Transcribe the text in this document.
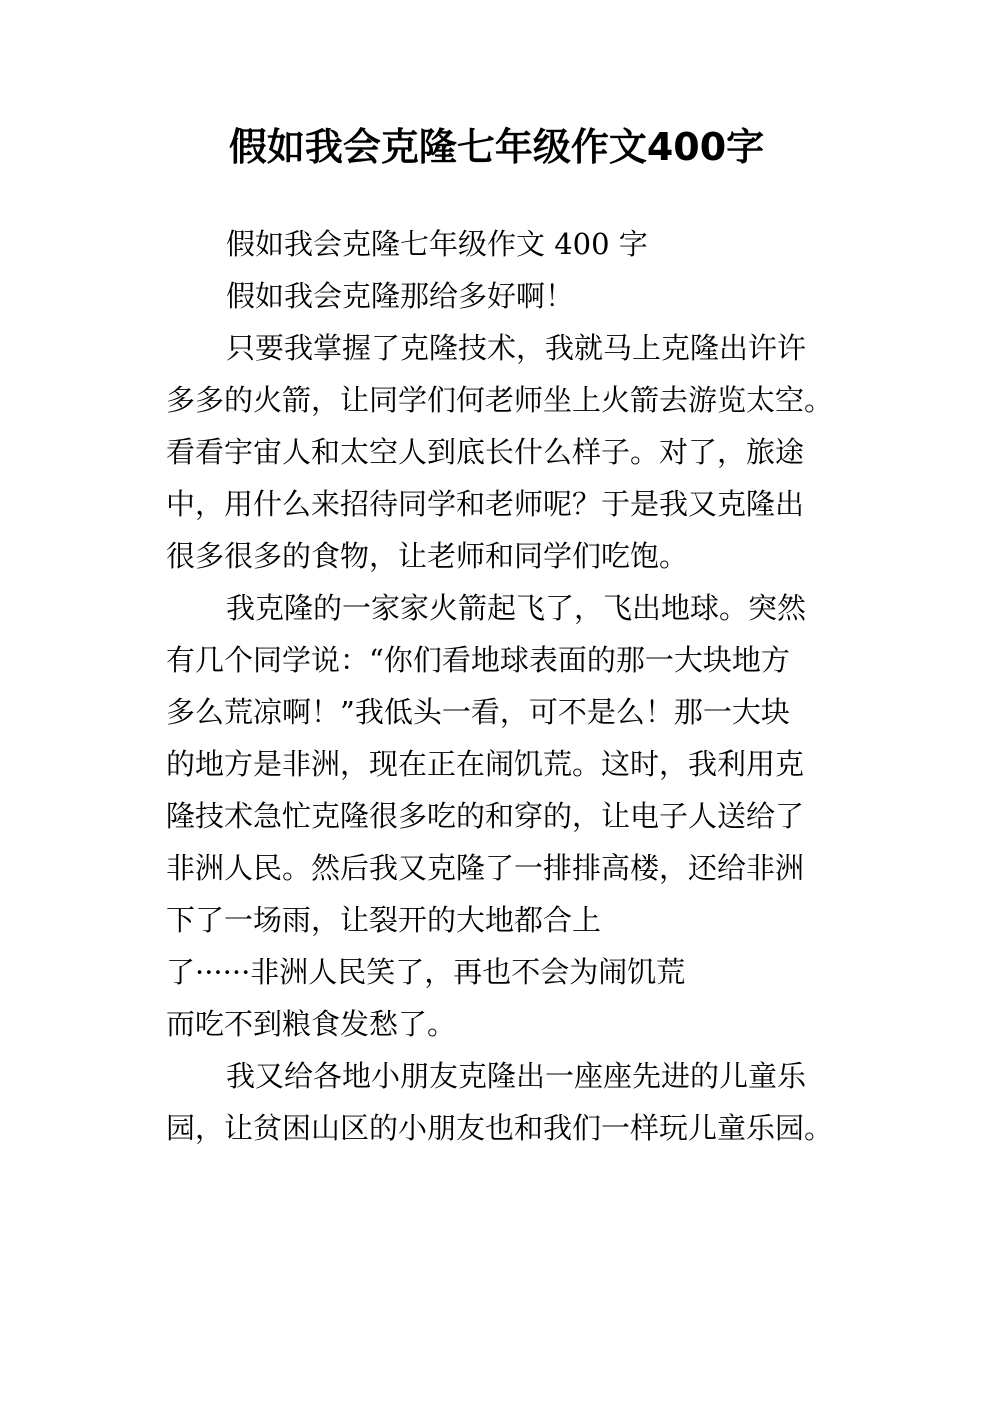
假如我会克隆七年级作文400字
假如我会克隆七年级作文 400 字
假如我会克隆那给多好啊！
只要我掌握了克隆技术，我就马上克隆出许许
多多的火箭，让同学们何老师坐上火箭去游览太空。
看看宇宙人和太空人到底长什么样子。对了，旅途
中，用什么来招待同学和老师呢？于是我又克隆出
很多很多的食物，让老师和同学们吃饱。
我克隆的一家家火箭起飞了，飞出地球。突然
有几个同学说：“你们看地球表面的那一大块地方
多么荒凉啊！”我低头一看，可不是么！那一大块
的地方是非洲，现在正在闹饥荒。这时，我利用克
隆技术急忙克隆很多吃的和穿的，让电子人送给了
非洲人民。然后我又克隆了一排排高楼，还给非洲
下了一场雨，让裂开的大地都合上
了······非洲人民笑了，再也不会为闹饥荒
而吃不到粮食发愁了。
我又给各地小朋友克隆出一座座先进的儿童乐
园，让贫困山区的小朋友也和我们一样玩儿童乐园。
